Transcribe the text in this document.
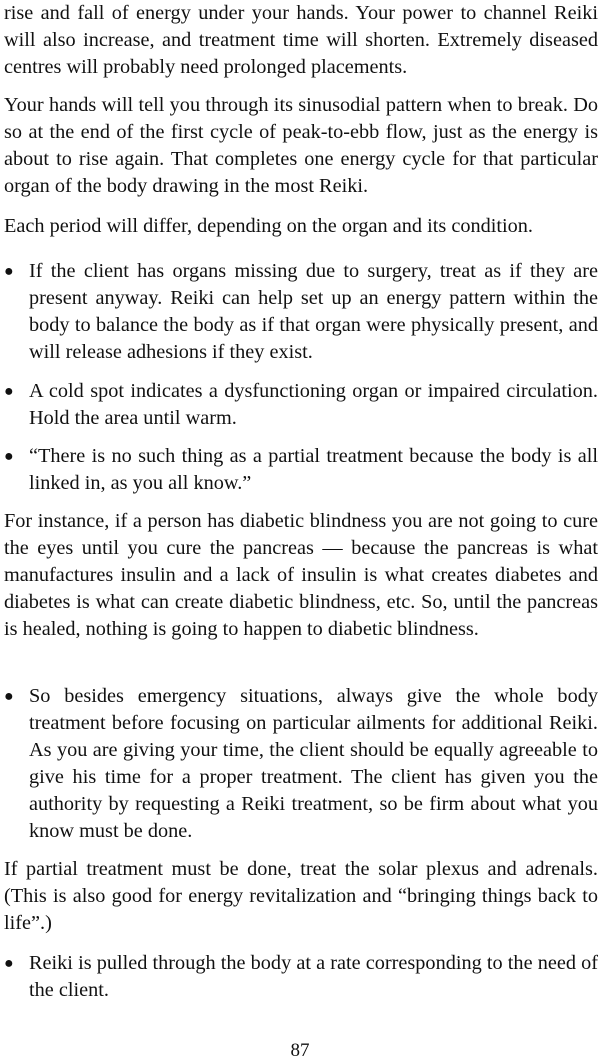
rise and fall of energy under your hands. Your power to channel Reiki will also increase, and treatment time will shorten. Extremely diseased centres will probably need prolonged placements.

Your hands will tell you through its sinusodial pattern when to break. Do so at the end of the first cycle of peak-to-ebb flow, just as the energy is about to rise again. That completes one energy cycle for that particular organ of the body drawing in the most Reiki.

Each period will differ, depending on the organ and its condition.

● If the client has organs missing due to surgery, treat as if they are present anyway. Reiki can help set up an energy pattern within the body to balance the body as if that organ were physically present, and will release adhesions if they exist.

● A cold spot indicates a dysfunctioning organ or impaired circulation. Hold the area until warm.

● “There is no such thing as a partial treatment because the body is all linked in, as you all know.”

For instance, if a person has diabetic blindness you are not going to cure the eyes until you cure the pancreas — because the pancreas is what manufactures insulin and a lack of insulin is what creates diabetes and diabetes is what can create diabetic blindness, etc. So, until the pancreas is healed, nothing is going to happen to diabetic blindness.

● So besides emergency situations, always give the whole body treatment before focusing on particular ailments for additional Reiki. As you are giving your time, the client should be equally agreeable to give his time for a proper treatment. The client has given you the authority by requesting a Reiki treatment, so be firm about what you know must be done.

If partial treatment must be done, treat the solar plexus and adrenals. (This is also good for energy revitalization and “bringing things back to life”.)

● Reiki is pulled through the body at a rate corresponding to the need of the client.

87
